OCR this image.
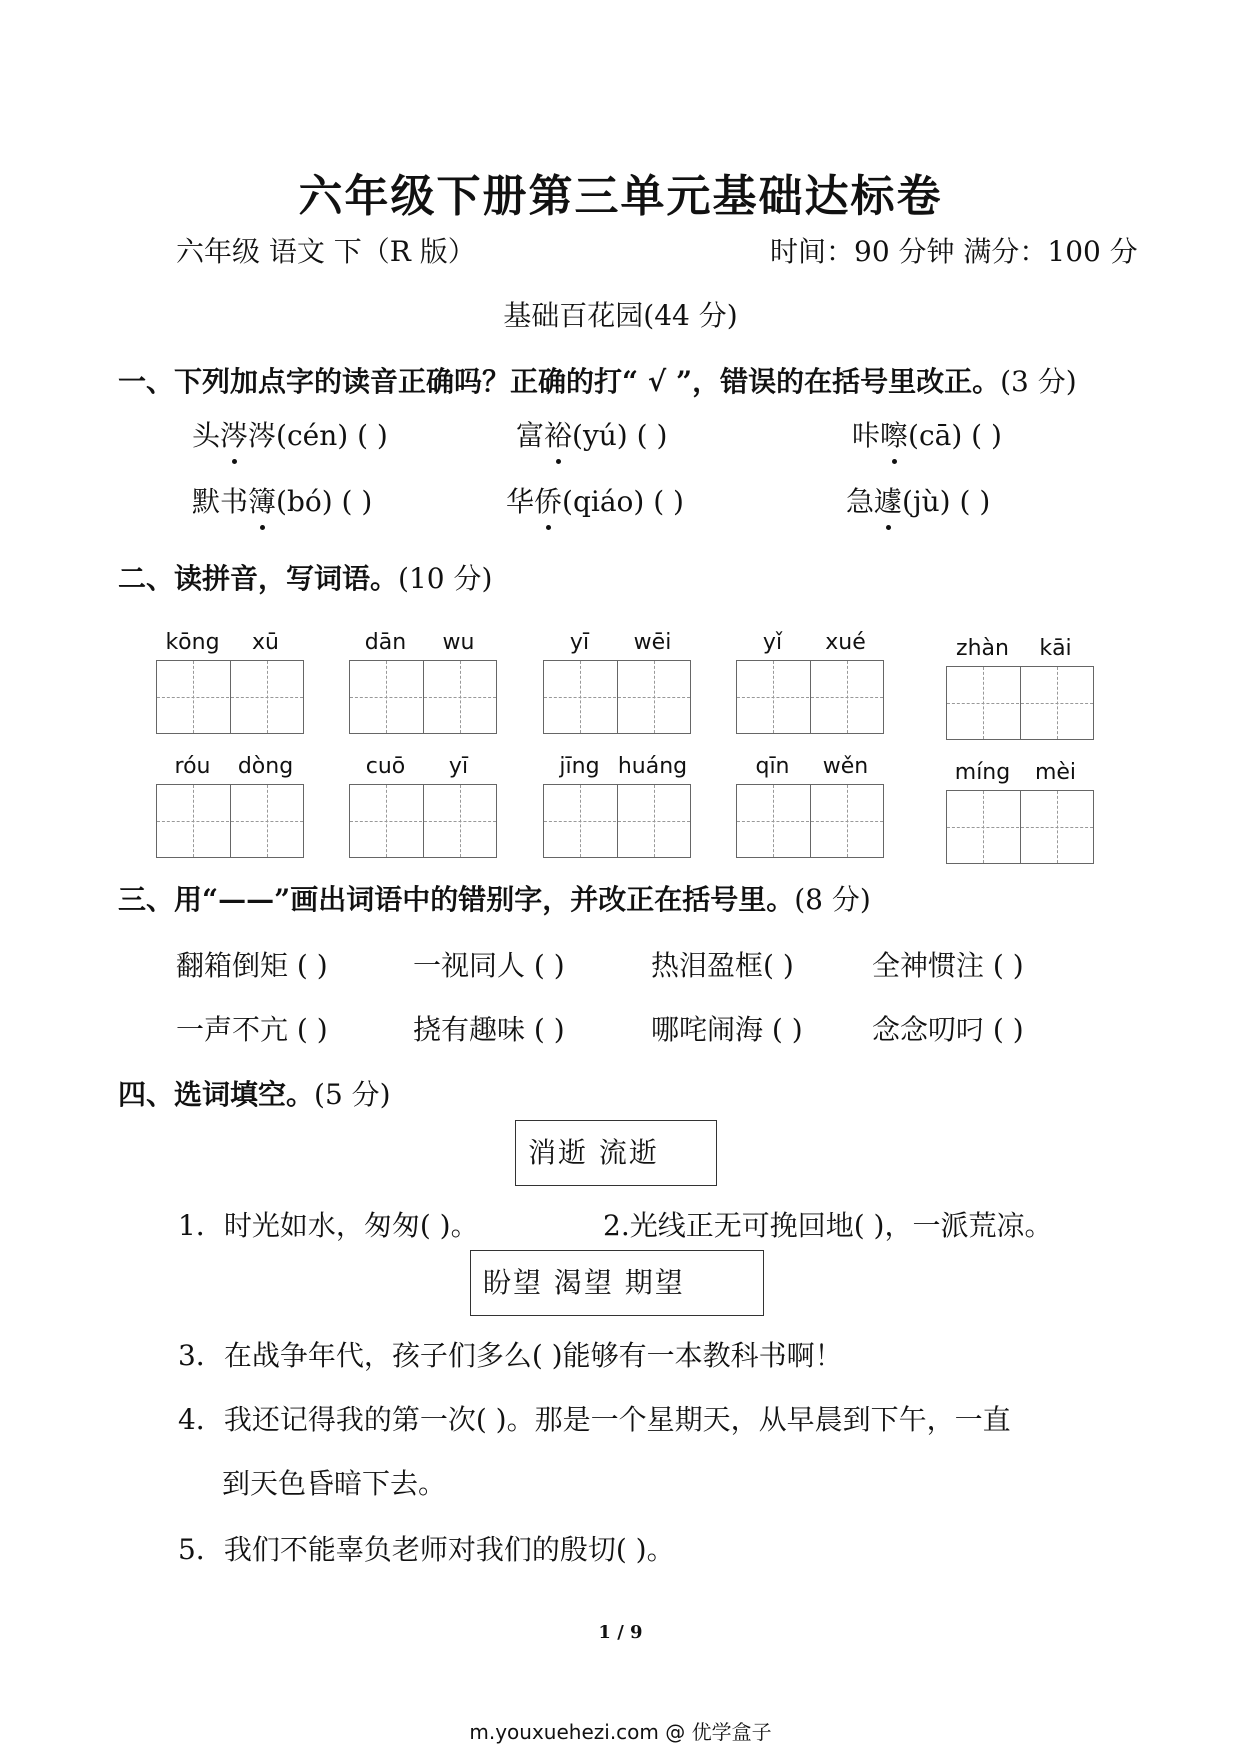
六年级下册第三单元基础达标卷
六年级 语文 下（R 版）	时间：90 分钟 满分：100 分
基础百花园(44 分)
一、下列加点字的读音正确吗？正确的打“ √ ”，错误的在括号里改正。(3 分)
头涔涔(cén) ( )	富裕(yú) ( )	咔嚓(cā) ( )
默书簿(bó) ( )	华侨(qiáo) ( )	急遽(jù) ( )
二、读拼音，写词语。(10 分)
kōng	xū	dān	wu	yī	wēi	yǐ	xué	zhàn	kāi
róu	dòng	cuō	yī	jīng huáng	qīn	wěn	míng	mèi
三、用“——”画出词语中的错别字，并改正在括号里。(8 分)
翻箱倒矩 ( )	一视同人 ( )	热泪盈框( )	全神惯注 ( )
一声不亢 ( )	挠有趣味 ( )	哪咤闹海 ( ) 念念叨叼 ( )
四、选词填空。(5 分)
消逝 流逝
1．时光如水，匆匆( )。	2.光线正无可挽回地( )，一派荒凉。
盼望 渴望 期望
3．在战争年代，孩子们多么( )能够有一本教科书啊！
4．我还记得我的第一次( )。那是一个星期天，从早晨到下午，一直
到天色昏暗下去。
5．我们不能辜负老师对我们的殷切( )。
1 / 9
m.youxuehezi.com @ 优学盒子
